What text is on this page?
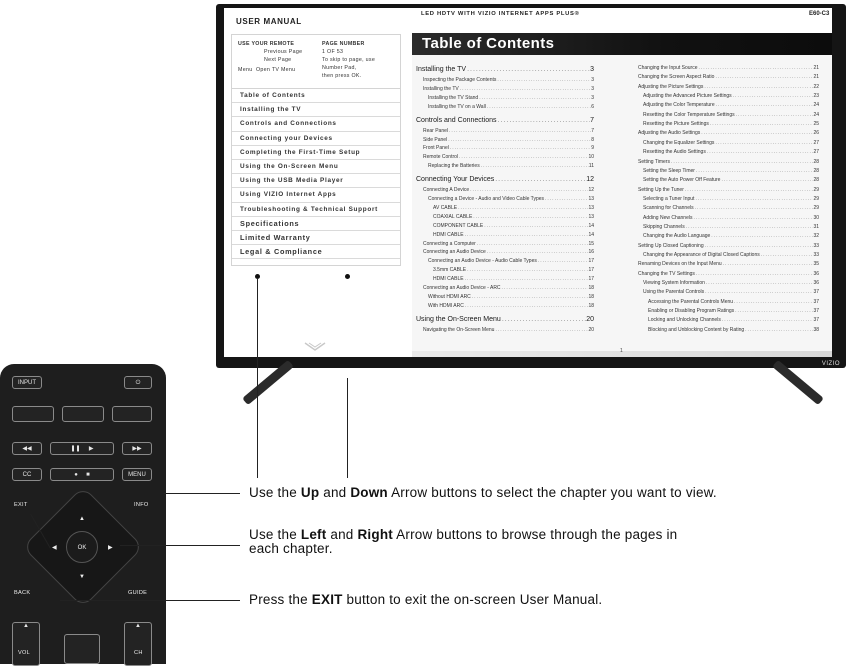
VIZIO
USER MANUAL
USE YOUR REMOTE
Previous Page
Next Page
Menu Open TV Menu
PAGE NUMBER
1 OF 53
To skip to page, use
Number Pad,
then press OK.
Table of Contents
Installing the TV
Controls and Connections
Connecting your Devices
Completing the First-Time Setup
Using the On-Screen Menu
Using the USB Media Player
Using VIZIO Internet Apps
Troubleshooting & Technical Support
Specifications
Limited Warranty
Legal & Compliance
LED HDTV WITH VIZIO INTERNET APPS PLUS®	E60-C3
Table of Contents
Installing the TV .....	3
Inspecting the Package Contents .....	3
Installing the TV .....	3
Installing the TV Stand .....	3
Installing the TV on a Wall .....	6
Controls and Connections .....	7
Rear Panel .....	7
Side Panel .....	8
Front Panel .....	9
Remote Control .....	10
Replacing the Batteries .....	11
Connecting Your Devices .....	12
Connecting A Device .....	12
Connecting a Device - Audio and Video Cable Types .....	13
AV CABLE .....	13
COAXIAL CABLE .....	13
COMPONENT CABLE .....	14
HDMI CABLE .....	14
Connecting a Computer .....	15
Connecting an Audio Device .....	16
Connecting an Audio Device - Audio Cable Types .....	17
3.5mm CABLE .....	17
HDMI CABLE .....	17
Connecting an Audio Device - ARC .....	18
Without HDMI ARC .....	18
With HDMI ARC .....	18
Using the On-Screen Menu .....	20
Navigating the On-Screen Menu .....	20
Changing the Input Source .....	21
Changing the Screen Aspect Ratio .....	21
Adjusting the Picture Settings .....	22
Adjusting the Advanced Picture Settings .....	23
Adjusting the Color Temperature .....	24
Resetting the Color Temperature Settings .....	24
Resetting the Picture Settings .....	25
Adjusting the Audio Settings .....	26
Changing the Equalizer Settings .....	27
Resetting the Audio Settings .....	27
Setting Timers .....	28
Setting the Sleep Timer .....	28
Setting the Auto Power Off Feature .....	28
Setting Up the Tuner .....	29
Selecting a Tuner Input .....	29
Scanning for Channels .....	29
Adding New Channels .....	30
Skipping Channels .....	31
Changing the Audio Language .....	32
Setting Up Closed Captioning .....	33
Changing the Appearance of Digital Closed Captions .....	33
Renaming Devices on the Input Menu .....	35
Changing the TV Settings .....	36
Viewing System Information .....	36
Using the Parental Controls .....	37
Accessing the Parental Controls Menu .....	37
Enabling or Disabling Program Ratings .....	37
Locking and Unlocking Channels .....	37
Blocking and Unblocking Content by Rating .....	38
1
INPUT	⏻
◀◀	❚❚     ▶	▶▶
CC	●     ■	MENU
EXIT	INFO
▲
▼
◀	▶
OK
BACK	GUIDE
▲
VOL
▲
CH
Use the Up and Down Arrow buttons to select the chapter you want to view.
Use the Left and Right Arrow buttons to browse through the pages in
each chapter.
Press the EXIT button to exit the on-screen User Manual.
